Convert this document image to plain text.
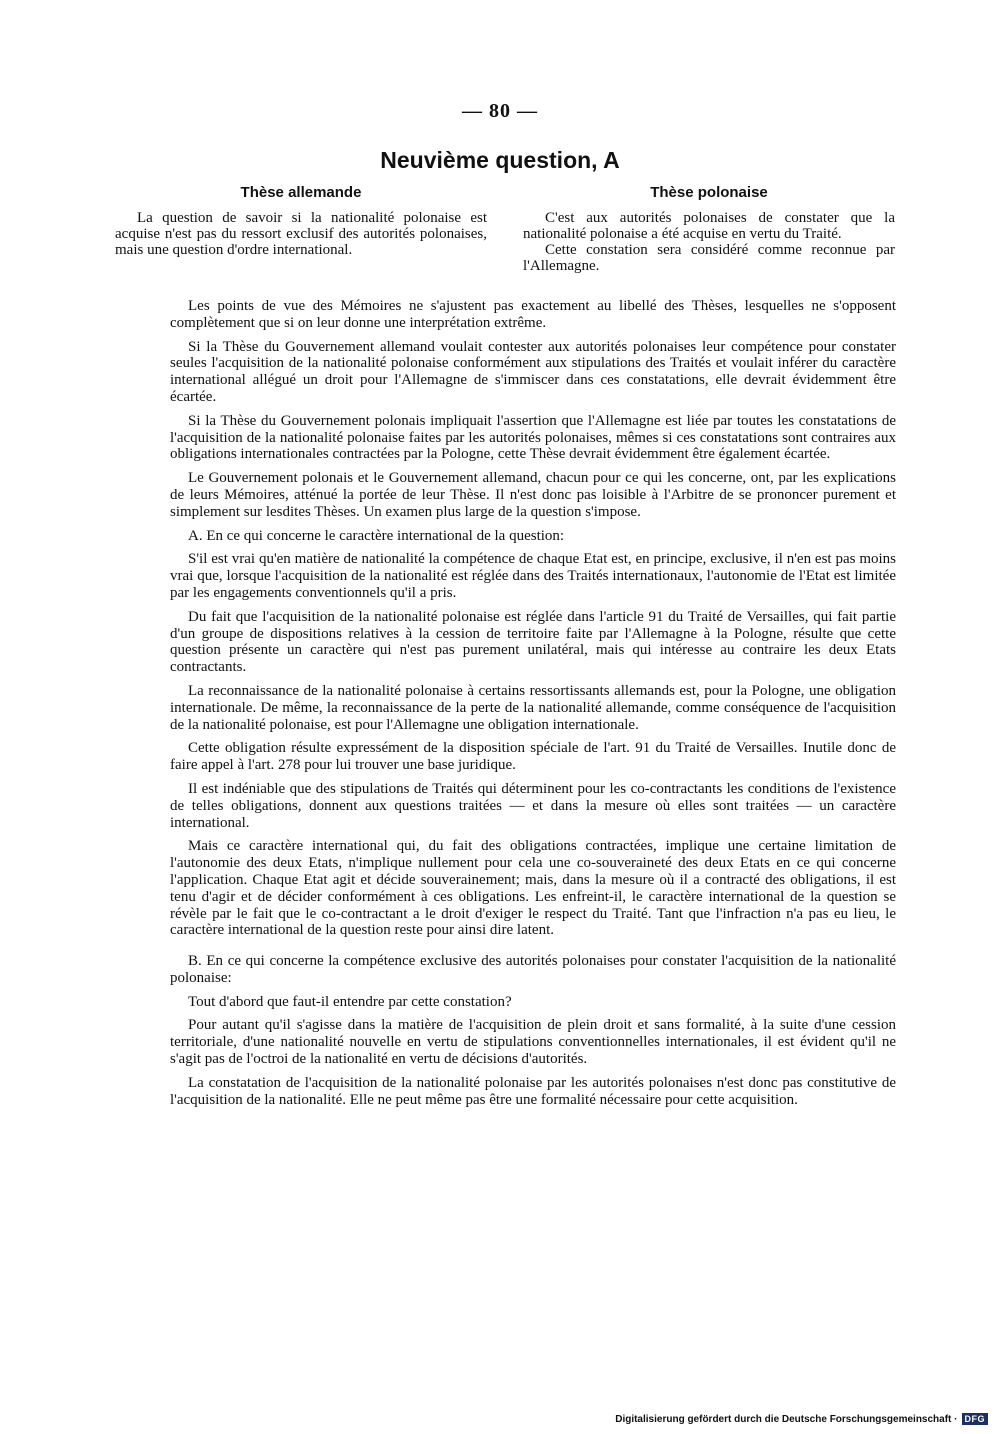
— 80 —
Neuvième question, A
Thèse allemande

La question de savoir si la nationalité polonaise est acquise n'est pas du ressort exclusif des autorités polonaises, mais une question d'ordre international.

Thèse polonaise

C'est aux autorités polonaises de constater que la nationalité polonaise a été acquise en vertu du Traité.

Cette constation sera considéré comme reconnue par l'Allemagne.

Les points de vue des Mémoires ne s'ajustent pas exactement au libellé des Thèses, lesquelles ne s'opposent complètement que si on leur donne une interprétation extrême.

Si la Thèse du Gouvernement allemand voulait contester aux autorités polonaises leur compétence pour constater seules l'acquisition de la nationalité polonaise conformément aux stipulations des Traités et voulait inférer du caractère international allégué un droit pour l'Allemagne de s'immiscer dans ces constatations, elle devrait évidemment être écartée.

Si la Thèse du Gouvernement polonais impliquait l'assertion que l'Allemagne est liée par toutes les constatations de l'acquisition de la nationalité polonaise faites par les autorités polonaises, mêmes si ces constatations sont contraires aux obligations internationales contractées par la Pologne, cette Thèse devrait évidemment être également écartée.

Le Gouvernement polonais et le Gouvernement allemand, chacun pour ce qui les concerne, ont, par les explications de leurs Mémoires, atténué la portée de leur Thèse. Il n'est donc pas loisible à l'Arbitre de se prononcer purement et simplement sur lesdites Thèses. Un examen plus large de la question s'impose.

A. En ce qui concerne le caractère international de la question:

S'il est vrai qu'en matière de nationalité la compétence de chaque Etat est, en principe, exclusive, il n'en est pas moins vrai que, lorsque l'acquisition de la nationalité est réglée dans des Traités internationaux, l'autonomie de l'Etat est limitée par les engagements conventionnels qu'il a pris.

Du fait que l'acquisition de la nationalité polonaise est réglée dans l'article 91 du Traité de Versailles, qui fait partie d'un groupe de dispositions relatives à la cession de territoire faite par l'Allemagne à la Pologne, résulte que cette question présente un caractère qui n'est pas purement unilatéral, mais qui intéresse au contraire les deux Etats contractants.

La reconnaissance de la nationalité polonaise à certains ressortissants allemands est, pour la Pologne, une obligation internationale. De même, la reconnaissance de la perte de la nationalité allemande, comme conséquence de l'acquisition de la nationalité polonaise, est pour l'Allemagne une obligation internationale.

Cette obligation résulte expressément de la disposition spéciale de l'art. 91 du Traité de Versailles. Inutile donc de faire appel à l'art. 278 pour lui trouver une base juridique.

Il est indéniable que des stipulations de Traités qui déterminent pour les co-contractants les conditions de l'existence de telles obligations, donnent aux questions traitées — et dans la mesure où elles sont traitées — un caractère international.

Mais ce caractère international qui, du fait des obligations contractées, implique une certaine limitation de l'autonomie des deux Etats, n'implique nullement pour cela une co-souveraineté des deux Etats en ce qui concerne l'application. Chaque Etat agit et décide souverainement; mais, dans la mesure où il a contracté des obligations, il est tenu d'agir et de décider conformément à ces obligations. Les enfreint-il, le caractère international de la question se révèle par le fait que le co-contractant a le droit d'exiger le respect du Traité. Tant que l'infraction n'a pas eu lieu, le caractère international de la question reste pour ainsi dire latent.

B. En ce qui concerne la compétence exclusive des autorités polonaises pour constater l'acquisition de la nationalité polonaise:

Tout d'abord que faut-il entendre par cette constation?

Pour autant qu'il s'agisse dans la matière de l'acquisition de plein droit et sans formalité, à la suite d'une cession territoriale, d'une nationalité nouvelle en vertu de stipulations conventionnelles internationales, il est évident qu'il ne s'agit pas de l'octroi de la nationalité en vertu de décisions d'autorités.

La constatation de l'acquisition de la nationalité polonaise par les autorités polonaises n'est donc pas constitutive de l'acquisition de la nationalité. Elle ne peut même pas être une formalité nécessaire pour cette acquisition.

Digitalisierung gefördert durch die Deutsche Forschungsgemeinschaft · DFG
